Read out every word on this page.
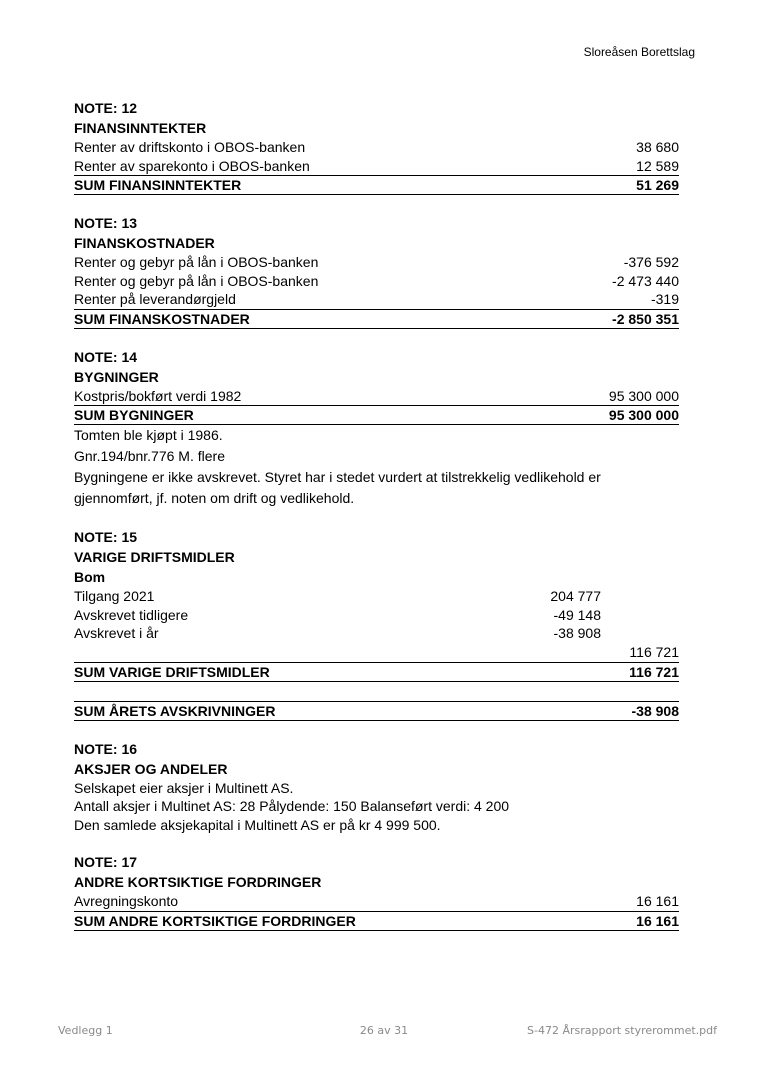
Sloreåsen Borettslag
NOTE: 12
FINANSINNTEKTER
Renter av driftskonto i OBOS-banken	38 680
Renter av sparekonto i OBOS-banken	12 589
SUM FINANSINNTEKTER	51 269
NOTE: 13
FINANSKOSTNADER
Renter og gebyr på lån i OBOS-banken	-376 592
Renter og gebyr på lån i OBOS-banken	-2 473 440
Renter på leverandørgjeld	-319
SUM FINANSKOSTNADER	-2 850 351
NOTE: 14
BYGNINGER
Kostpris/bokført verdi 1982	95 300 000
SUM BYGNINGER	95 300 000
Tomten ble kjøpt i 1986.
Gnr.194/bnr.776 M. flere
Bygningene er ikke avskrevet. Styret har i stedet vurdert at tilstrekkelig vedlikehold er
gjennomført, jf. noten om drift og vedlikehold.
NOTE: 15
VARIGE DRIFTSMIDLER
Bom
Tilgang 2021	204 777
Avskrevet tidligere	-49 148
Avskrevet i år	-38 908
116 721
SUM VARIGE DRIFTSMIDLER	116 721
SUM ÅRETS AVSKRIVNINGER	-38 908
NOTE: 16
AKSJER OG ANDELER
Selskapet eier aksjer i Multinett AS.
Antall aksjer i Multinet AS: 28 Pålydende: 150 Balanseført verdi: 4 200
Den samlede aksjekapital i Multinett AS er på kr 4 999 500.
NOTE: 17
ANDRE KORTSIKTIGE FORDRINGER
Avregningskonto	16 161
SUM ANDRE KORTSIKTIGE FORDRINGER	16 161
Vedlegg 1	26 av 31	S-472 Årsrapport styrerommet.pdf
